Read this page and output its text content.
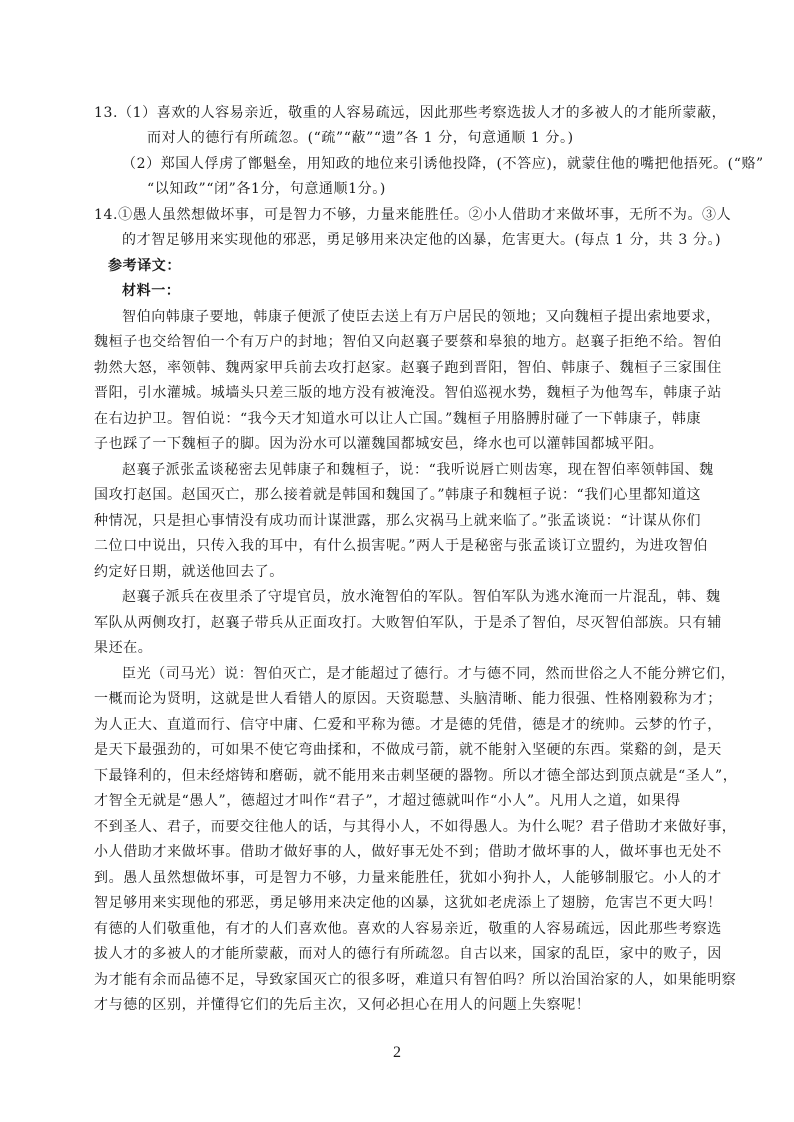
13.（1）喜欢的人容易亲近，敬重的人容易疏远，因此那些考察选拔人才的多被人的才能所蒙蔽，
而对人的德行有所疏忽。(“疏”“蔽”“遗”各 1 分，句意通顺 1 分。)
（2）郑国人俘虏了鄫魁垒，用知政的地位来引诱他投降，(不答应)，就蒙住他的嘴把他捂死。(“赂”
“以知政”“闭”各1分，句意通顺1分。)
14.①愚人虽然想做坏事，可是智力不够，力量来能胜任。②小人借助才来做坏事，无所不为。③人
的才智足够用来实现他的邪恶，勇足够用来决定他的凶暴，危害更大。(每点 1 分，共 3 分。)
参考译文：
材料一：
智伯向韩康子要地，韩康子便派了使臣去送上有万户居民的领地；又向魏桓子提出索地要求，
魏桓子也交给智伯一个有万户的封地；智伯又向赵襄子要蔡和皋狼的地方。赵襄子拒绝不给。智伯
勃然大怒，率领韩、魏两家甲兵前去攻打赵家。赵襄子跑到晋阳，智伯、韩康子、魏桓子三家围住
晋阳，引水灌城。城墙头只差三版的地方没有被淹没。智伯巡视水势，魏桓子为他驾车，韩康子站
在右边护卫。智伯说：“我今天才知道水可以让人亡国。”魏桓子用胳膊肘碰了一下韩康子，韩康
子也踩了一下魏桓子的脚。因为汾水可以灌魏国都城安邑，绛水也可以灌韩国都城平阳。
赵襄子派张孟谈秘密去见韩康子和魏桓子，说：“我听说唇亡则齿寒，现在智伯率领韩国、魏
国攻打赵国。赵国灭亡，那么接着就是韩国和魏国了。”韩康子和魏桓子说：“我们心里都知道这
种情况，只是担心事情没有成功而计谋泄露，那么灾祸马上就来临了。”张孟谈说：“计谋从你们
二位口中说出，只传入我的耳中，有什么损害呢。”两人于是秘密与张孟谈订立盟约，为进攻智伯
约定好日期，就送他回去了。
赵襄子派兵在夜里杀了守堤官员，放水淹智伯的军队。智伯军队为逃水淹而一片混乱，韩、魏
军队从两侧攻打，赵襄子带兵从正面攻打。大败智伯军队，于是杀了智伯，尽灭智伯部族。只有辅
果还在。
臣光（司马光）说：智伯灭亡，是才能超过了德行。才与德不同，然而世俗之人不能分辨它们，
一概而论为贤明，这就是世人看错人的原因。天资聪慧、头脑清晰、能力很强、性格刚毅称为才；
为人正大、直道而行、信守中庸、仁爱和平称为德。才是德的凭借，德是才的统帅。云梦的竹子，
是天下最强劲的，可如果不使它弯曲揉和，不做成弓箭，就不能射入坚硬的东西。棠谿的剑，是天
下最锋利的，但未经熔铸和磨砺，就不能用来击刺坚硬的器物。所以才德全部达到顶点就是“圣人”，
才智全无就是“愚人”，德超过才叫作“君子”，才超过德就叫作“小人”。凡用人之道，如果得
不到圣人、君子，而要交往他人的话，与其得小人，不如得愚人。为什么呢？君子借助才来做好事，
小人借助才来做坏事。借助才做好事的人，做好事无处不到；借助才做坏事的人，做坏事也无处不
到。愚人虽然想做坏事，可是智力不够，力量来能胜任，犹如小狗扑人，人能够制服它。小人的才
智足够用来实现他的邪恶，勇足够用来决定他的凶暴，这犹如老虎添上了翅膀，危害岂不更大吗！
有德的人们敬重他，有才的人们喜欢他。喜欢的人容易亲近，敬重的人容易疏远，因此那些考察选
拔人才的多被人的才能所蒙蔽，而对人的德行有所疏忽。自古以来，国家的乱臣，家中的败子，因
为才能有余而品德不足，导致家国灭亡的很多呀，难道只有智伯吗？所以治国治家的人，如果能明察
才与德的区别，并懂得它们的先后主次，又何必担心在用人的问题上失察呢！
2
